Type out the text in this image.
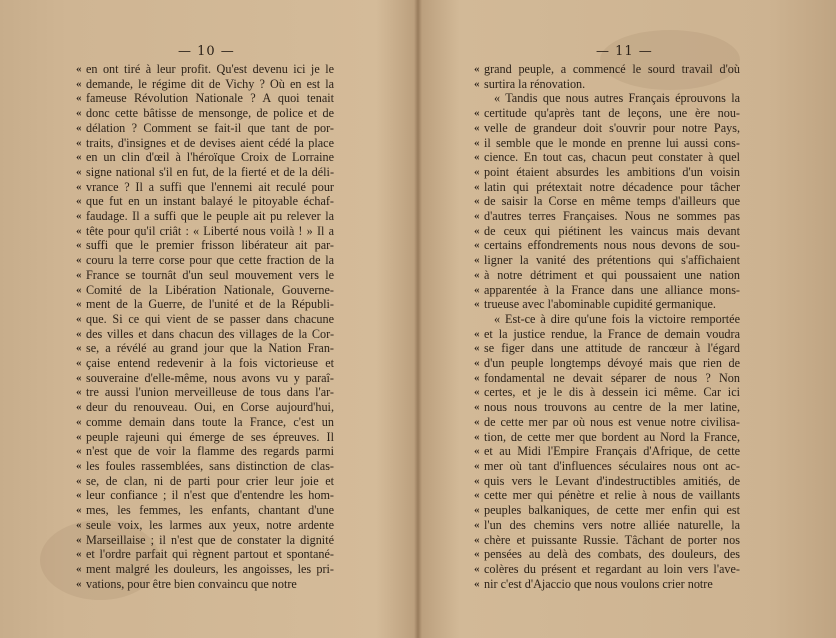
— 10 —
« en ont tiré à leur profit. Qu'est devenu ici je le
« demande, le régime dit de Vichy ? Où en est la
« fameuse Révolution Nationale ? A quoi tenait
« donc cette bâtisse de mensonge, de police et de
« délation ? Comment se fait-il que tant de por-
« traits, d'insignes et de devises aient cédé la place
« en un clin d'œil à l'héroïque Croix de Lorraine
« signe national s'il en fut, de la fierté et de la déli-
« vrance ? Il a suffi que l'ennemi ait reculé pour
« que fut en un instant balayé le pitoyable échaf-
« faudage. Il a suffi que le peuple ait pu relever la
« tête pour qu'il criât : « Liberté nous voilà ! » Il a
« suffi que le premier frisson libérateur ait par-
« couru la terre corse pour que cette fraction de la
« France se tournât d'un seul mouvement vers le
« Comité de la Libération Nationale, Gouverne-
« ment de la Guerre, de l'unité et de la Républi-
« que. Si ce qui vient de se passer dans chacune
« des villes et dans chacun des villages de la Cor-
« se, a révélé au grand jour que la Nation Fran-
« çaise entend redevenir à la fois victorieuse et
« souveraine d'elle-même, nous avons vu y paraî-
« tre aussi l'union merveilleuse de tous dans l'ar-
« deur du renouveau. Oui, en Corse aujourd'hui,
« comme demain dans toute la France, c'est un
« peuple rajeuni qui émerge de ses épreuves. Il
« n'est que de voir la flamme des regards parmi
« les foules rassemblées, sans distinction de clas-
« se, de clan, ni de parti pour crier leur joie et
« leur confiance ; il n'est que d'entendre les hom-
« mes, les femmes, les enfants, chantant d'une
« seule voix, les larmes aux yeux, notre ardente
« Marseillaise ; il n'est que de constater la dignité
« et l'ordre parfait qui règnent partout et spontané-
« ment malgré les douleurs, les angoisses, les pri-
« vations, pour être bien convaincu que notre
— 11 —
« grand peuple, a commencé le sourd travail d'où
« surtira la rénovation.
« Tandis que nous autres Français éprouvons la
« certitude qu'après tant de leçons, une ère nou-
« velle de grandeur doit s'ouvrir pour notre Pays,
« il semble que le monde en prenne lui aussi cons-
« cience. En tout cas, chacun peut constater à quel
« point étaient absurdes les ambitions d'un voisin
« latin qui prétextait notre décadence pour tâcher
« de saisir la Corse en même temps d'ailleurs que
« d'autres terres Françaises. Nous ne sommes pas
« de ceux qui piétinent les vaincus mais devant
« certains effondrements nous nous devons de sou-
« ligner la vanité des prétentions qui s'affichaient
« à notre détriment et qui poussaient une nation
« apparentée à la France dans une alliance mons-
« trueuse avec l'abominable cupidité germanique.
« Est-ce à dire qu'une fois la victoire remportée
« et la justice rendue, la France de demain voudra
« se figer dans une attitude de rancœur à l'égard
« d'un peuple longtemps dévoyé mais que rien de
« fondamental ne devait séparer de nous ? Non
« certes, et je le dis à dessein ici même. Car ici
« nous nous trouvons au centre de la mer latine,
« de cette mer par où nous est venue notre civilisa-
« tion, de cette mer que bordent au Nord la France,
« et au Midi l'Empire Français d'Afrique, de cette
« mer où tant d'influences séculaires nous ont ac-
« quis vers le Levant d'indestructibles amitiés, de
« cette mer qui pénètre et relie à nous de vaillants
« peuples balkaniques, de cette mer enfin qui est
« l'un des chemins vers notre alliée naturelle, la
« chère et puissante Russie. Tâchant de porter nos
« pensées au delà des combats, des douleurs, des
« colères du présent et regardant au loin vers l'ave-
« nir c'est d'Ajaccio que nous voulons crier notre
